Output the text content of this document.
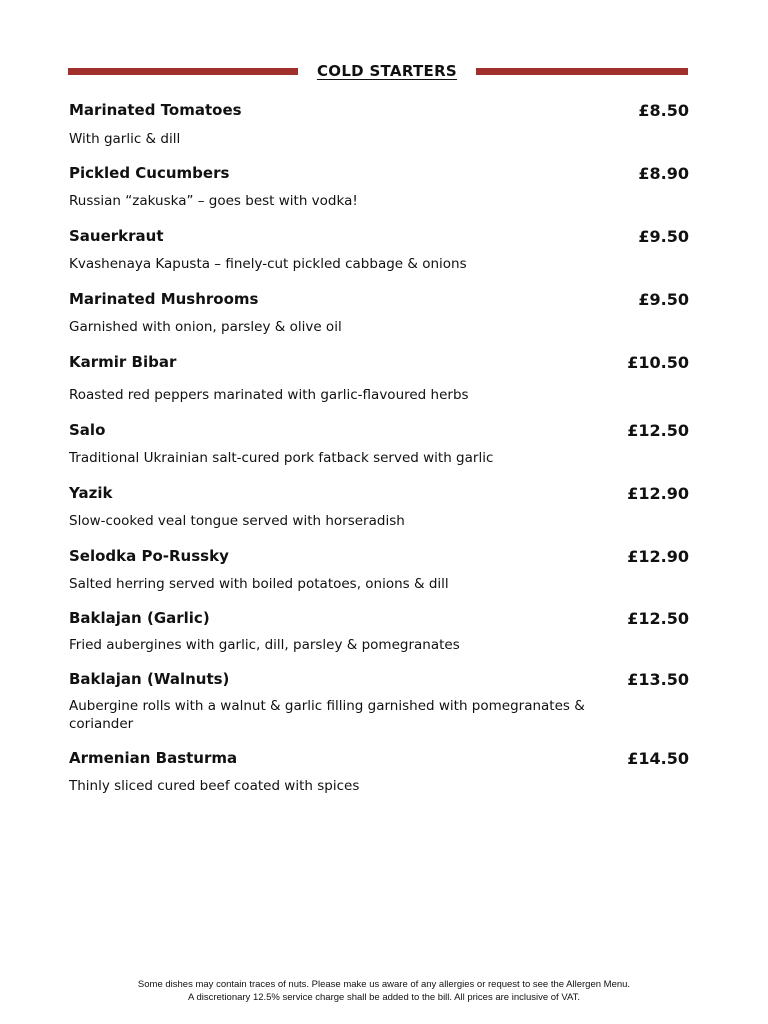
COLD STARTERS
Marinated Tomatoes	£8.50
With garlic & dill
Pickled Cucumbers	£8.90
Russian “zakuska” – goes best with vodka!
Sauerkraut	£9.50
Kvashenaya Kapusta – finely-cut pickled cabbage & onions
Marinated Mushrooms	£9.50
Garnished with onion, parsley & olive oil
Karmir Bibar	£10.50
Roasted red peppers marinated with garlic-flavoured herbs
Salo	£12.50
Traditional Ukrainian salt-cured pork fatback served with garlic
Yazik	£12.90
Slow-cooked veal tongue served with horseradish
Selodka Po-Russky	£12.90
Salted herring served with boiled potatoes, onions & dill
Baklajan (Garlic)	£12.50
Fried aubergines with garlic, dill, parsley & pomegranates
Baklajan (Walnuts)	£13.50
Aubergine rolls with a walnut & garlic filling garnished with pomegranates & coriander
Armenian Basturma	£14.50
Thinly sliced cured beef coated with spices
Some dishes may contain traces of nuts. Please make us aware of any allergies or request to see the Allergen Menu.
A discretionary 12.5% service charge shall be added to the bill. All prices are inclusive of VAT.
